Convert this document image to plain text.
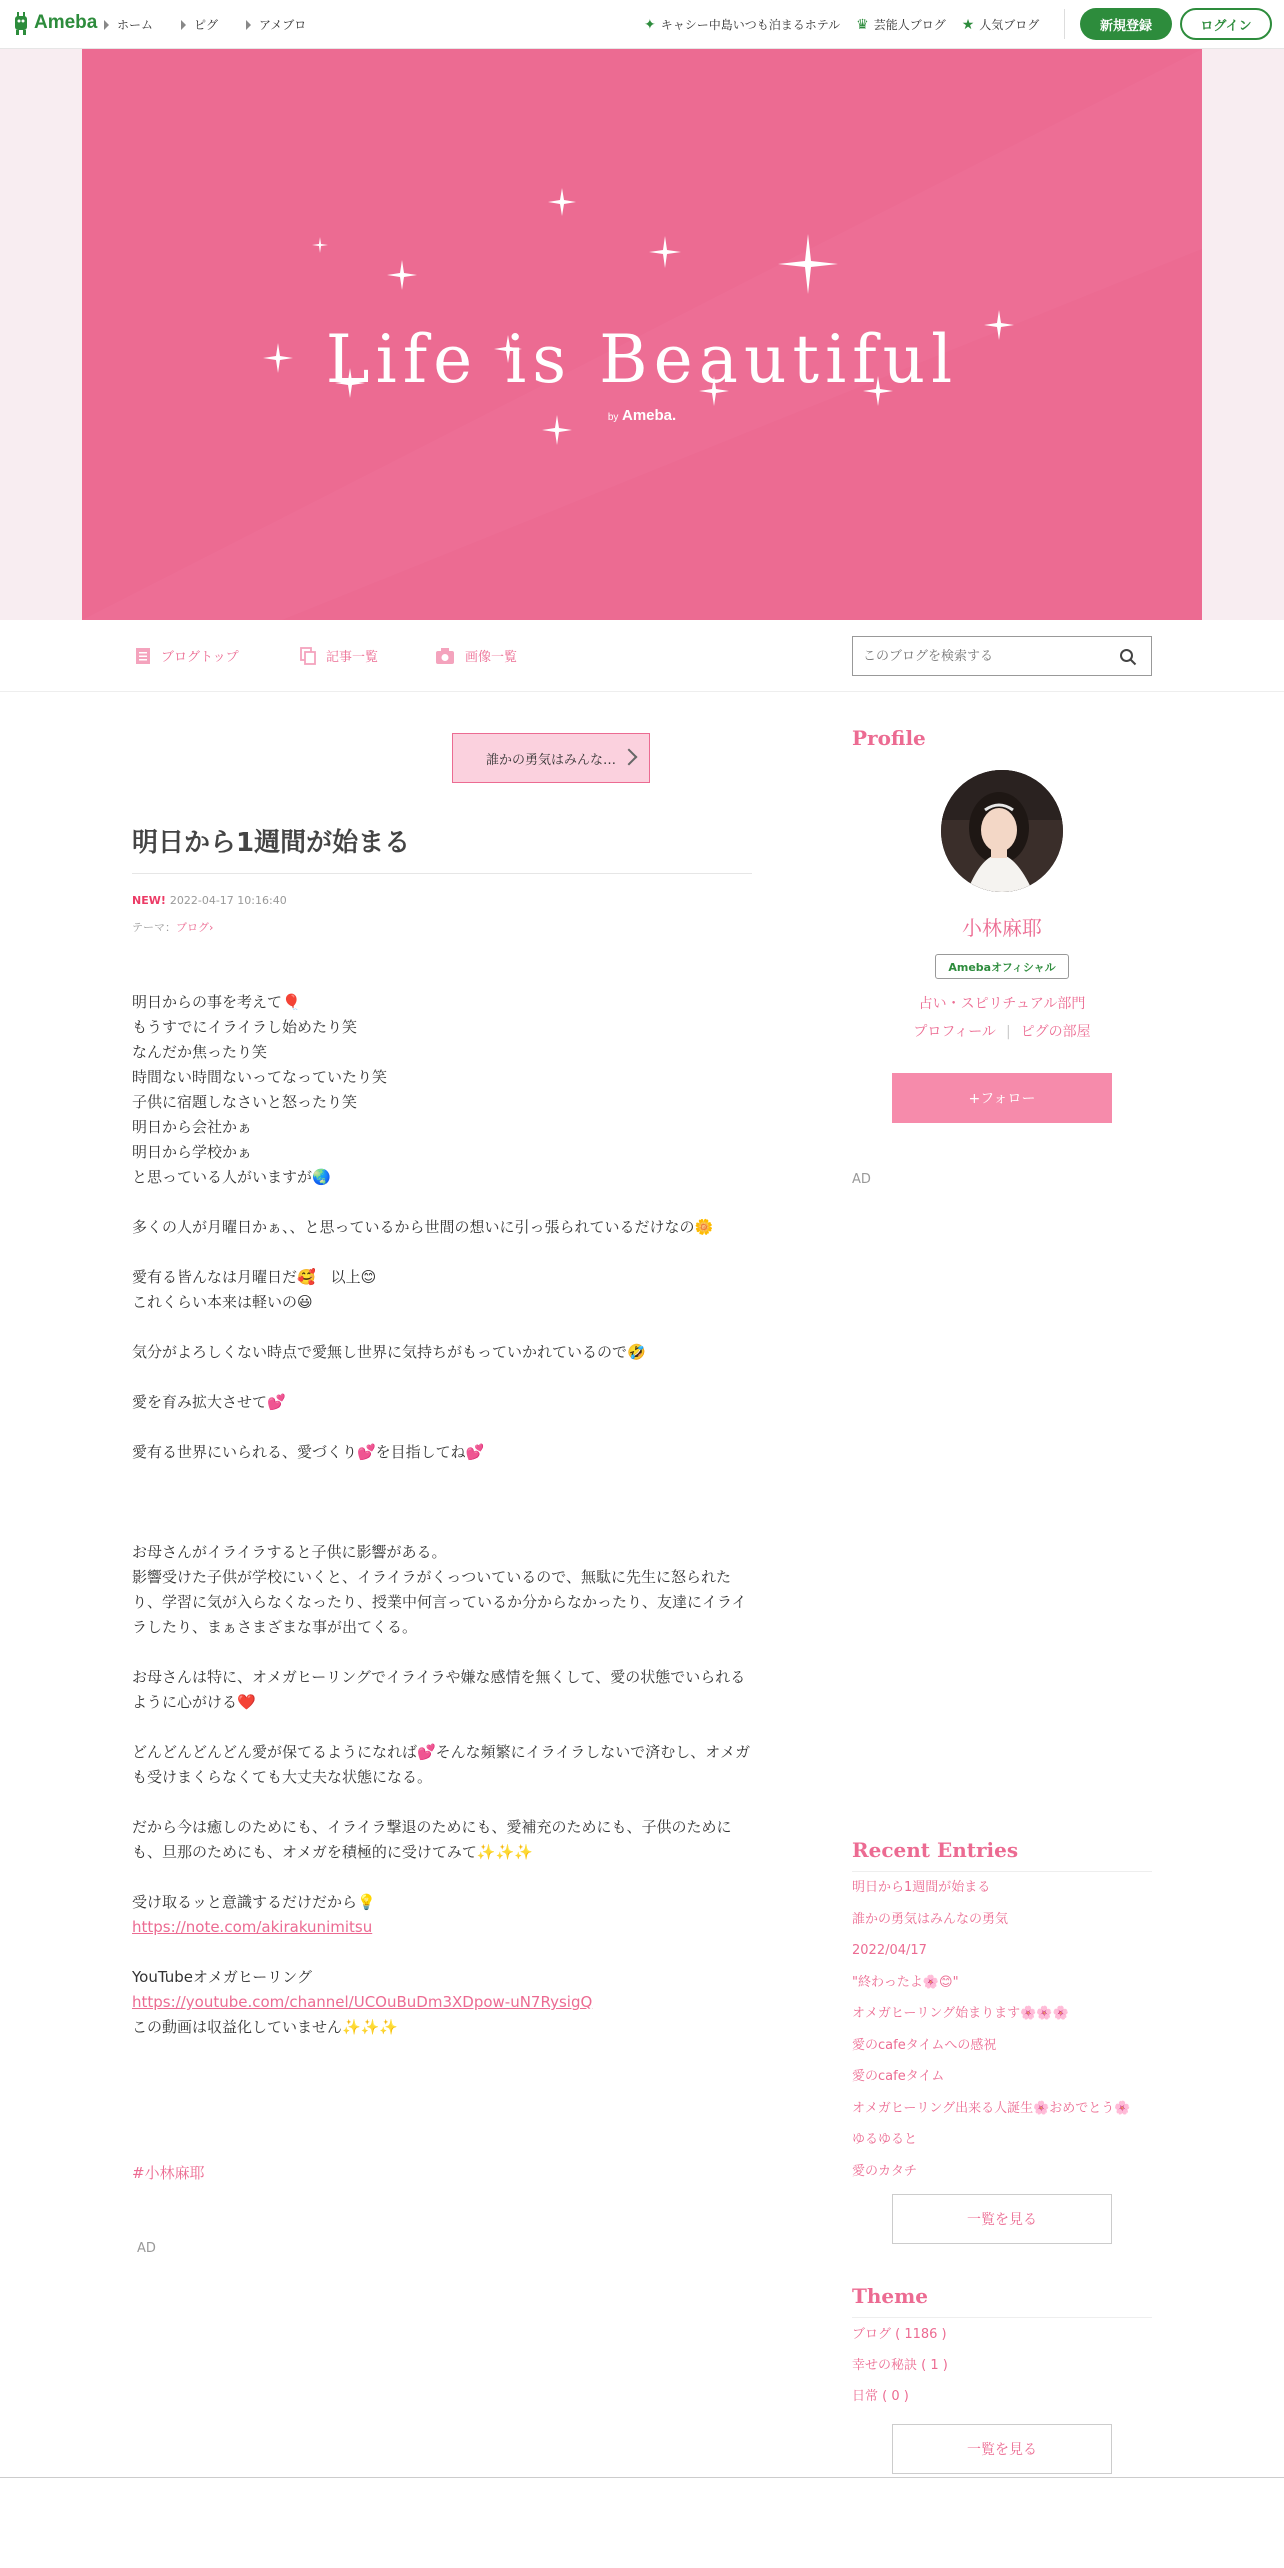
Ameba ホーム	ピグ	アメブロ	✦ キャシー中島いつも泊まるホテル ♛ 芸能人ブログ ★ 人気ブログ	新規登録	ログイン
Life is Beautiful
by Ameba.
ブログトップ	記事一覧	画像一覧
このブログを検索する
誰かの勇気はみんな…
明日から1週間が始まる
NEW! 2022-04-17 10:16:40
テーマ：ブログ›

明日からの事を考えて🎈
もうすでにイライラし始めたり笑
なんだか焦ったり笑
時間ない時間ないってなっていたり笑
子供に宿題しなさいと怒ったり笑
明日から会社かぁ
明日から学校かぁ
と思っている人がいますが🌏

多くの人が月曜日かぁ、、と思っているから世間の想いに引っ張られているだけなの🌼

愛有る皆んなは月曜日だ🥰　以上😊
これくらい本来は軽いの😃

気分がよろしくない時点で愛無し世界に気持ちがもっていかれているので🤣

愛を育み拡大させて💕

愛有る世界にいられる、愛づくり💕を目指してね💕

お母さんがイライラすると子供に影響がある。
影響受けた子供が学校にいくと、イライラがくっついているので、無駄に先生に怒られたり、学習に気が入らなくなったり、授業中何言っているか分からなかったり、友達にイライラしたり、まぁさまざまな事が出てくる。

お母さんは特に、オメガヒーリングでイライラや嫌な感情を無くして、愛の状態でいられるように心がける❤️

どんどんどんどん愛が保てるようになれば💕そんな頻繁にイライラしないで済むし、オメガも受けまくらなくても大丈夫な状態になる。

だから今は癒しのためにも、イライラ撃退のためにも、愛補充のためにも、子供のためにも、旦那のためにも、オメガを積極的に受けてみて✨✨✨

受け取るッと意識するだけだから💡
https://note.com/akirakunimitsu

YouTubeオメガヒーリング
https://youtube.com/channel/UCOuBuDm3XDpow-uN7RysigQ
この動画は収益化していません✨✨✨

#小林麻耶
AD
Profile
小林麻耶
Amebaオフィシャル
占い・スピリチュアル部門
プロフィール | ピグの部屋
+フォロー
AD
Recent Entries
明日から1週間が始まる
誰かの勇気はみんなの勇気
2022/04/17
"終わったよ🌸😊"
オメガヒーリング始まります🌸🌸🌸
愛のcafeタイムへの感祝
愛のcafeタイム
オメガヒーリング出来る人誕生🌸おめでとう🌸
ゆるゆると
愛のカタチ
一覧を見る
Theme
ブログ ( 1186 )
幸せの秘訣 ( 1 )
日常 ( 0 )
一覧を見る
